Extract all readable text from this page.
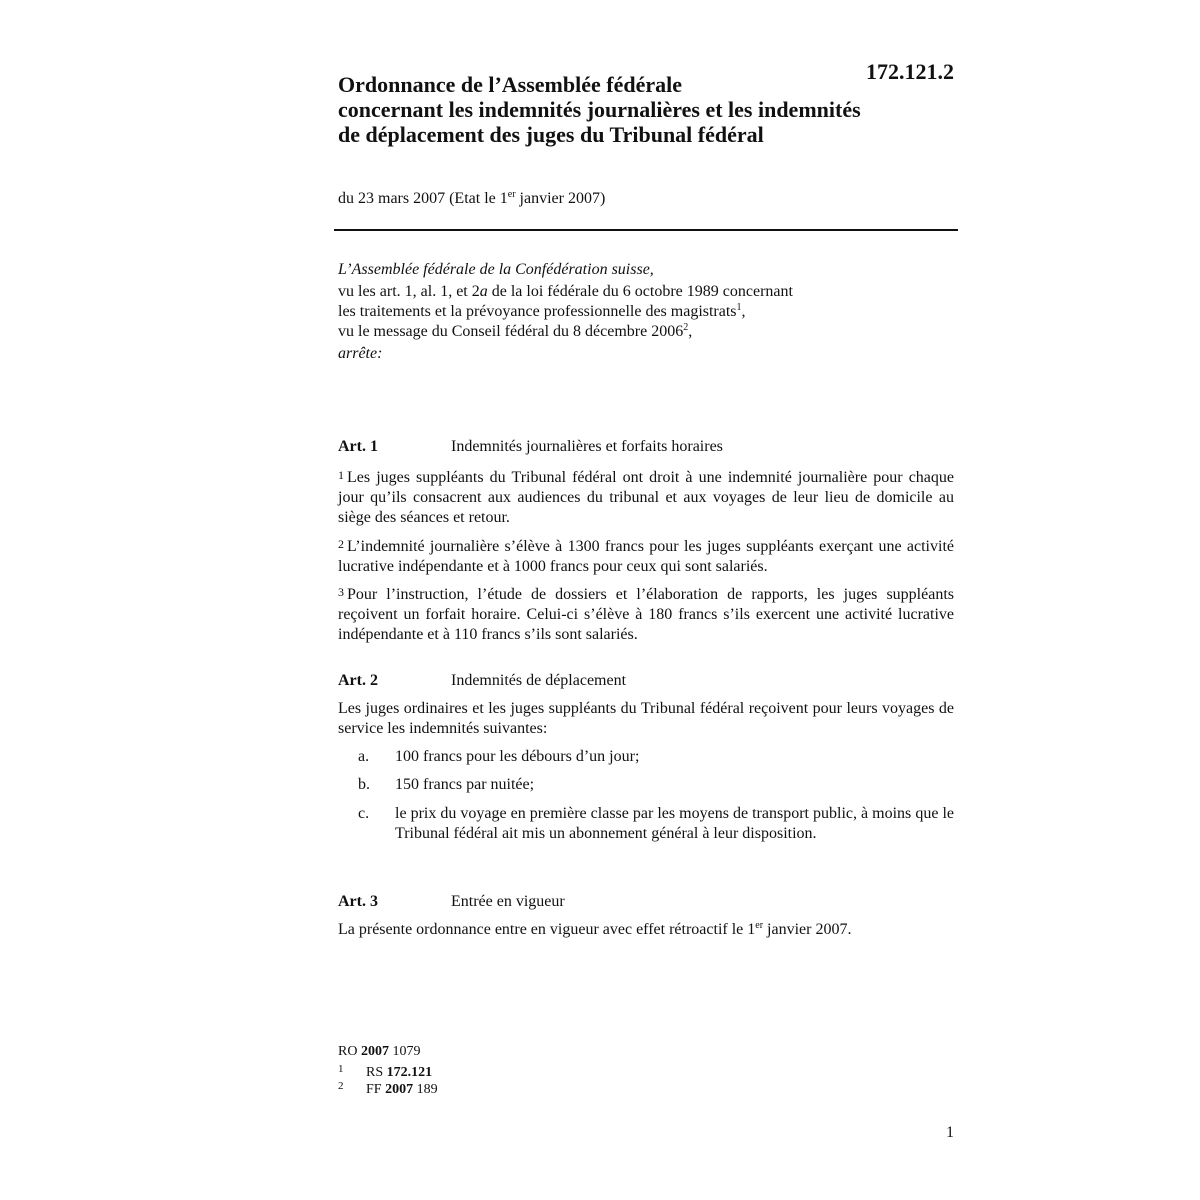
Ordonnance de l’Assemblée fédérale
concernant les indemnités journalières et les indemnités
de déplacement des juges du Tribunal fédéral
172.121.2
du 23 mars 2007 (Etat le 1er janvier 2007)
L’Assemblée fédérale de la Confédération suisse,
vu les art. 1, al. 1, et 2a de la loi fédérale du 6 octobre 1989 concernant
les traitements et la prévoyance professionnelle des magistrats$^1$,
vu le message du Conseil fédéral du 8 décembre 2006$^2$,
arrête:
Art. 1	Indemnités journalières et forfaits horaires
1 Les juges suppléants du Tribunal fédéral ont droit à une indemnité journalière pour chaque jour qu’ils consacrent aux audiences du tribunal et aux voyages de leur lieu de domicile au siège des séances et retour.
2 L’indemnité journalière s’élève à 1300 francs pour les juges suppléants exerçant une activité lucrative indépendante et à 1000 francs pour ceux qui sont salariés.
3 Pour l’instruction, l’étude de dossiers et l’élaboration de rapports, les juges suppléants reçoivent un forfait horaire. Celui-ci s’élève à 180 francs s’ils exercent une activité lucrative indépendante et à 110 francs s’ils sont salariés.
Art. 2	Indemnités de déplacement
Les juges ordinaires et les juges suppléants du Tribunal fédéral reçoivent pour leurs voyages de service les indemnités suivantes:
a. 100 francs pour les débours d’un jour;
b. 150 francs par nuitée;
c. le prix du voyage en première classe par les moyens de transport public, à moins que le Tribunal fédéral ait mis un abonnement général à leur disposition.
Art. 3	Entrée en vigueur
La présente ordonnance entre en vigueur avec effet rétroactif le 1er janvier 2007.
RO 2007 1079
1 RS 172.121
2 FF 2007 189
1
